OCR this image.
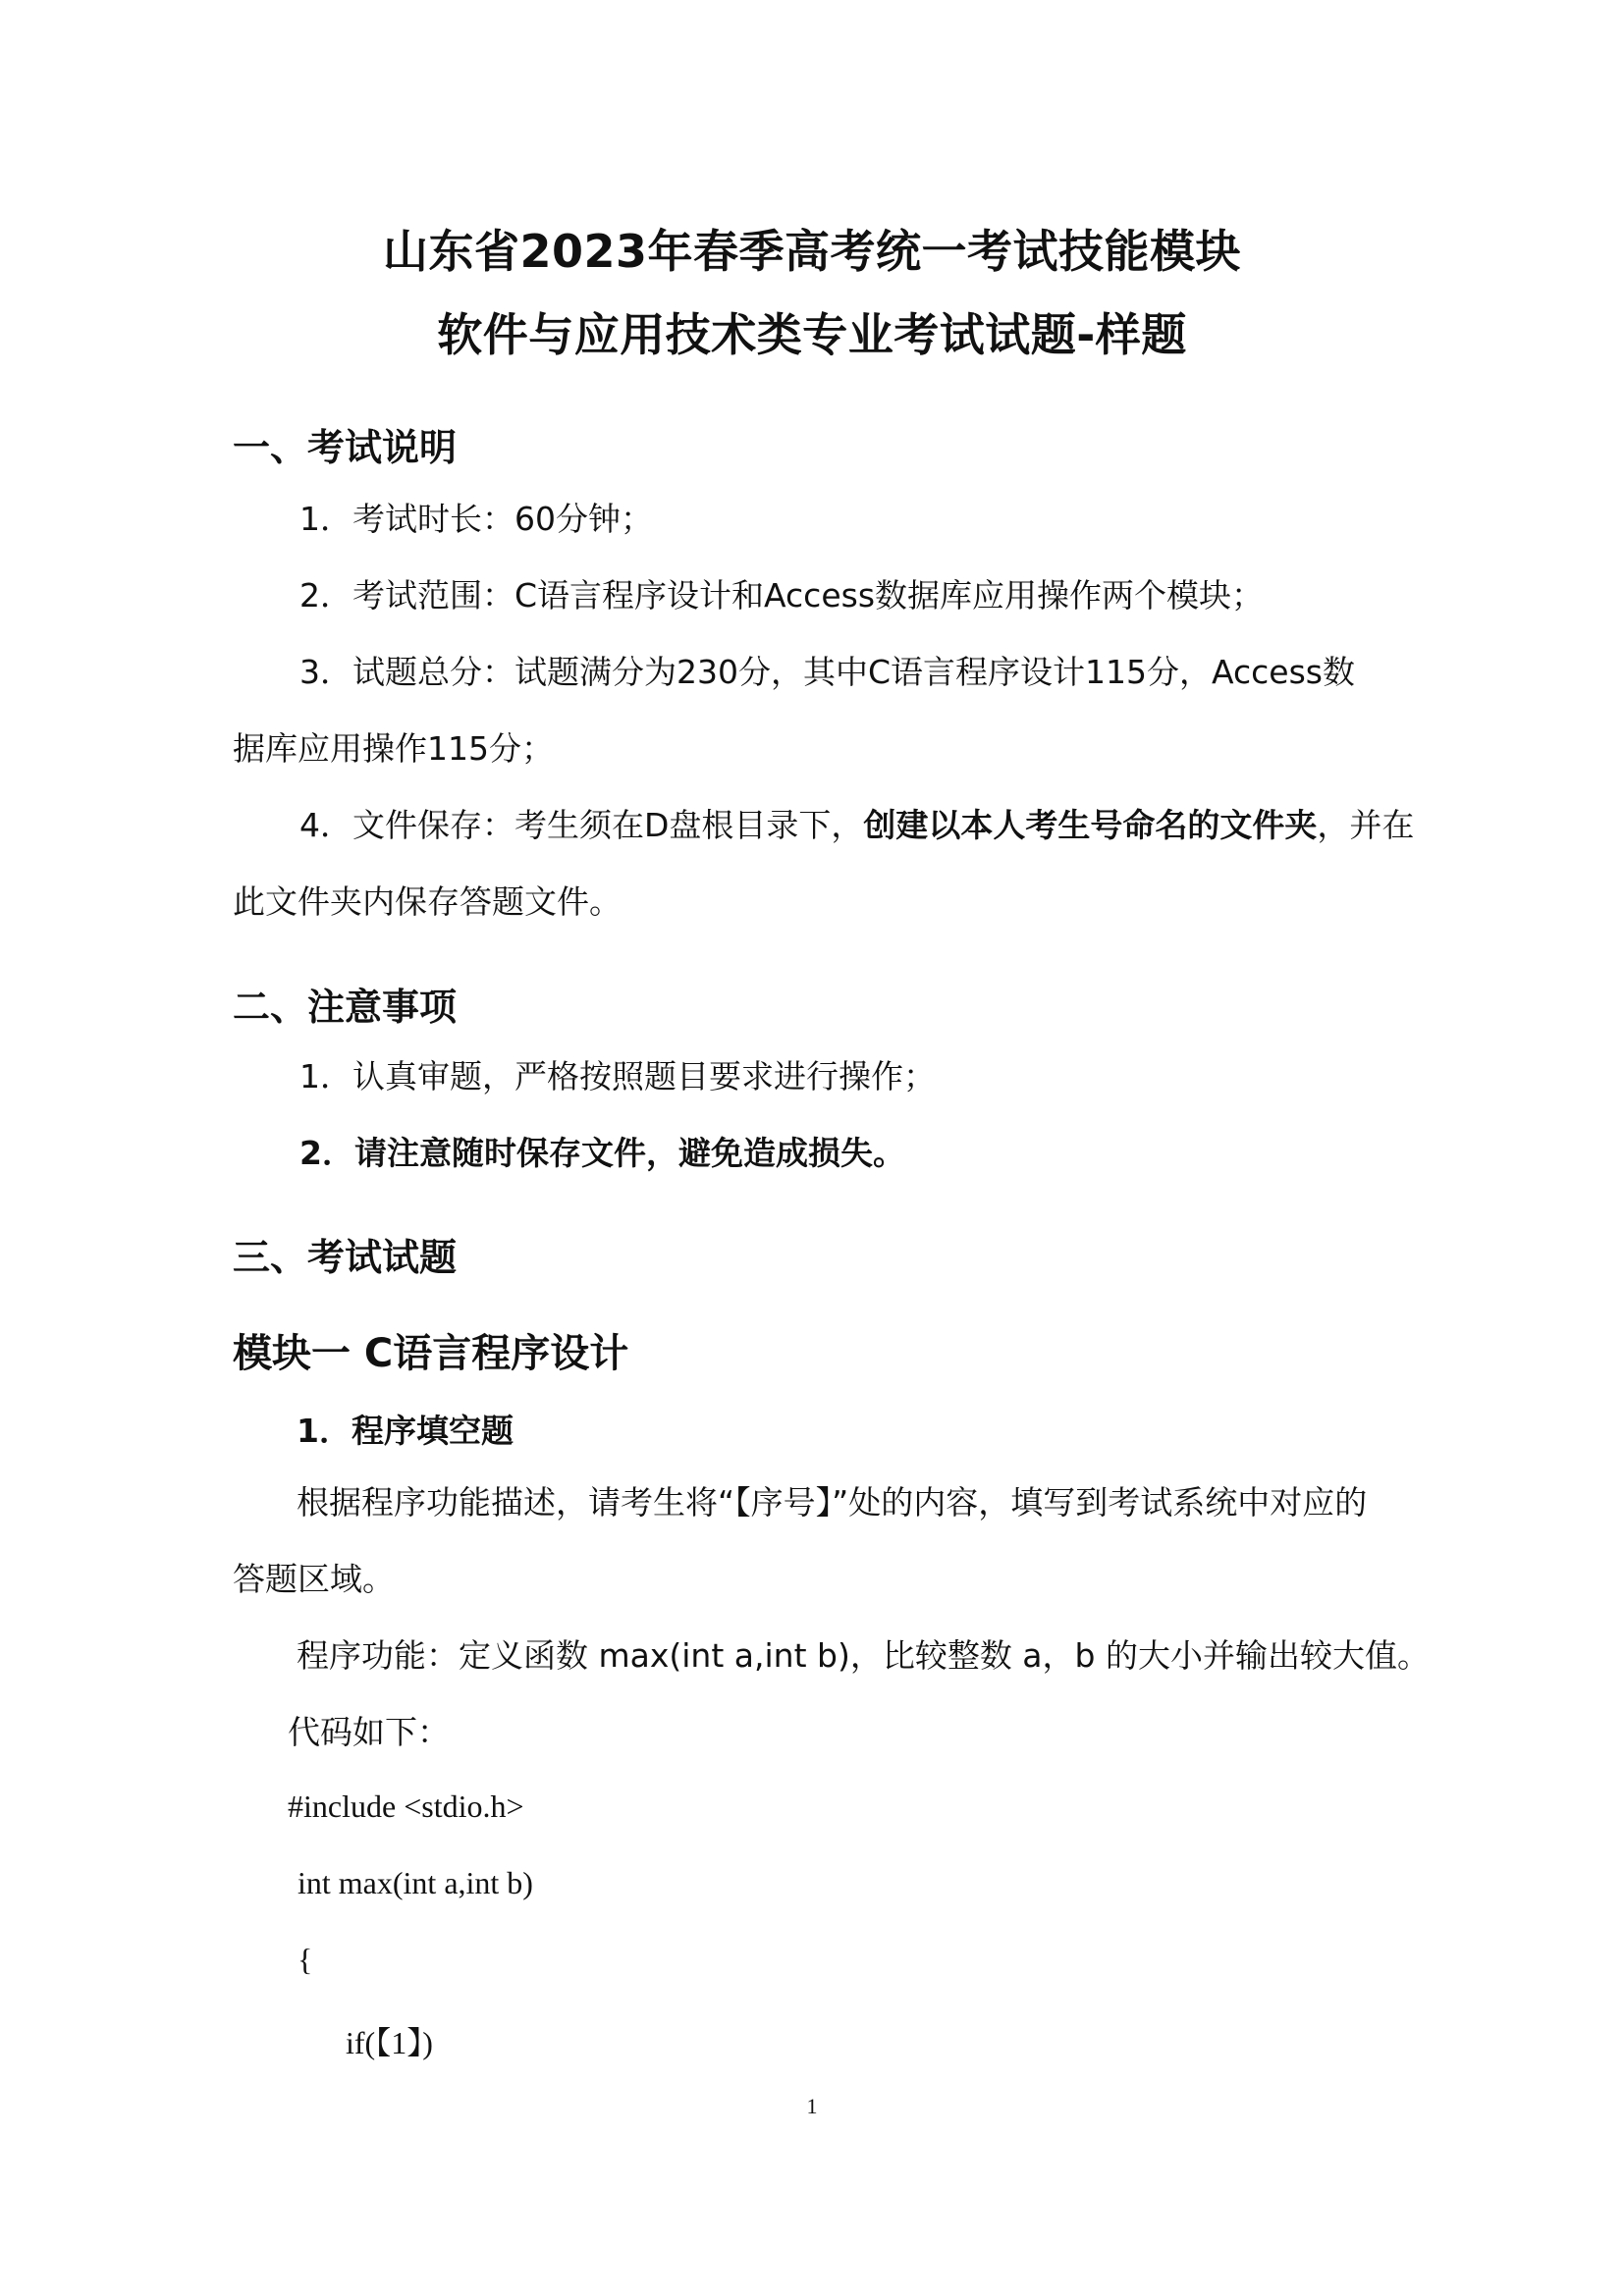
山东省2023年春季高考统一考试技能模块
软件与应用技术类专业考试试题-样题
一、考试说明
1．考试时长：60分钟；
2．考试范围：C语言程序设计和Access数据库应用操作两个模块；
3．试题总分：试题满分为230分，其中C语言程序设计115分，Access数
据库应用操作115分；
4．文件保存：考生须在D盘根目录下，创建以本人考生号命名的文件夹，并在
此文件夹内保存答题文件。
二、注意事项
1．认真审题，严格按照题目要求进行操作；
2．请注意随时保存文件，避免造成损失。
三、考试试题
模块一 C语言程序设计
1．程序填空题
根据程序功能描述，请考生将“【序号】”处的内容，填写到考试系统中对应的
答题区域。
程序功能：定义函数 max(int a,int b)，比较整数 a，b 的大小并输出较大值。
代码如下：
#include <stdio.h>
int max(int a,int b)
{
if(【1】)
1
